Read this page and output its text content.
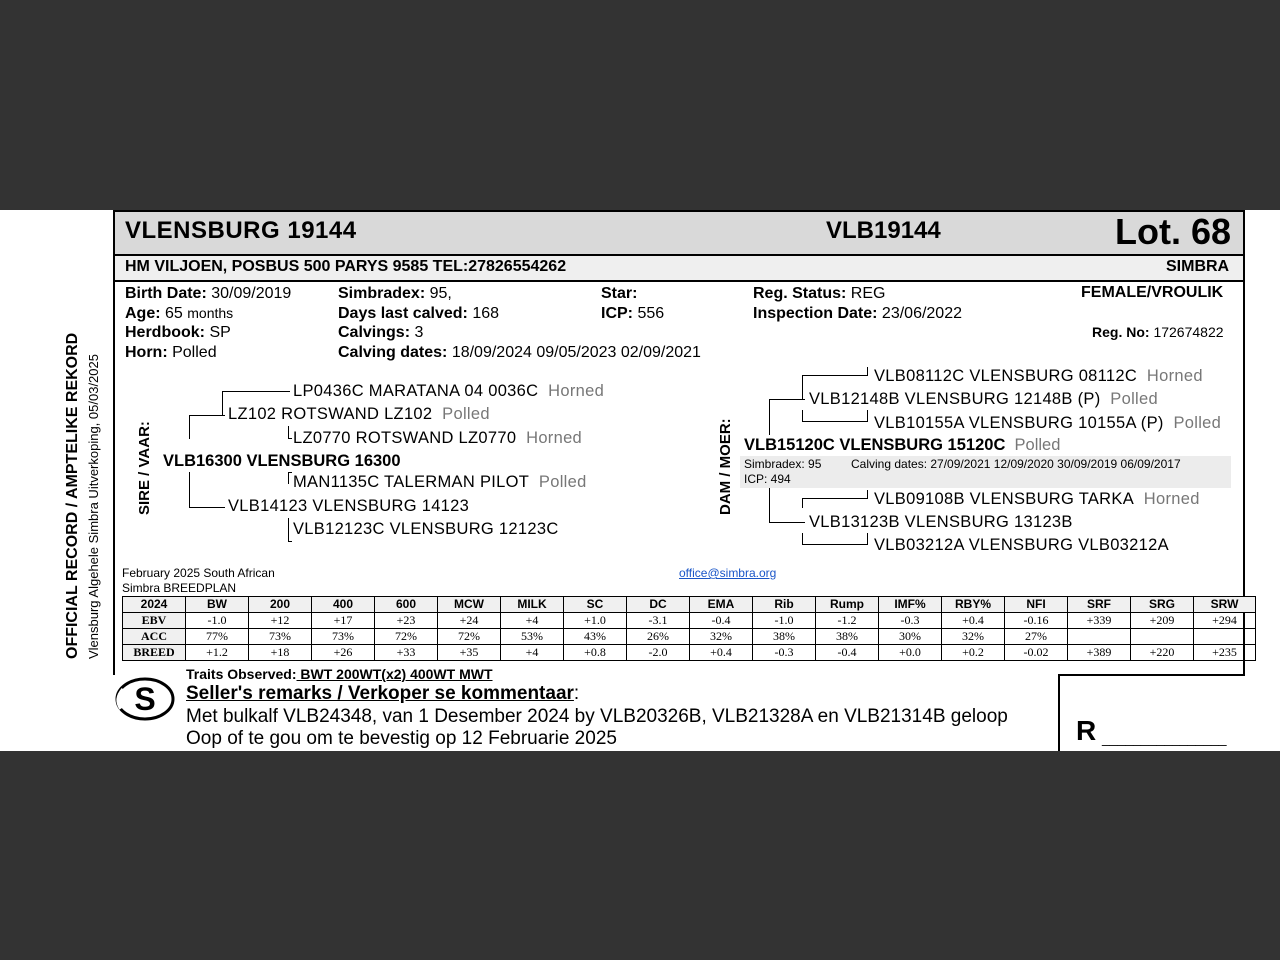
VLENSBURG 19144	VLB19144	Lot. 68
HM VILJOEN, POSBUS 500 PARYS 9585 TEL:27826554262	SIMBRA
Birth Date: 30/09/2019
Age: 65 months
Herdbook: SP
Horn: Polled
Simbradex: 95,
Days last calved: 168
Calvings: 3
Calving dates: 18/09/2024 09/05/2023 02/09/2021
Star:
ICP: 556
Reg. Status: REG
Inspection Date: 23/06/2022
FEMALE/VROULIK
Reg. No: 172674822
SIRE / VAAR:	DAM / MOER:
LP0436C MARATANA 04 0036C Horned
LZ102 ROTSWAND LZ102 Polled
LZ0770 ROTSWAND LZ0770 Horned
VLB16300 VLENSBURG 16300
MAN1135C TALERMAN PILOT Polled
VLB14123 VLENSBURG 14123
VLB12123C VLENSBURG 12123C
VLB08112C VLENSBURG 08112C Horned
VLB12148B VLENSBURG 12148B (P) Polled
VLB10155A VLENSBURG 10155A (P) Polled
VLB15120C VLENSBURG 15120C Polled
Simbradex: 95 Calving dates: 27/09/2021 12/09/2020 30/09/2019 06/09/2017
ICP: 494
VLB09108B VLENSBURG TARKA Horned
VLB13123B VLENSBURG 13123B
VLB03212A VLENSBURG VLB03212A
February 2025 South African
Simbra BREEDPLAN
office@simbra.org
2024	BW	200	400	600	MCW	MILK	SC	DC	EMA	Rib	Rump	IMF%	RBY%	NFI	SRF	SRG	SRW
EBV	-1.0	+12	+17	+23	+24	+4	+1.0	-3.1	-0.4	-1.0	-1.2	-0.3	+0.4	-0.16	+339	+209	+294
ACC	77%	73%	73%	72%	72%	53%	43%	26%	32%	38%	38%	30%	32%	27%			
BREED	+1.2	+18	+26	+33	+35	+4	+0.8	-2.0	+0.4	-0.3	-0.4	+0.0	+0.2	-0.02	+389	+220	+235
Traits Observed: BWT 200WT(x2) 400WT MWT
Seller's remarks / Verkoper se kommentaar:
Met bulkalf VLB24348, van 1 Desember 2024 by VLB20326B, VLB21328A en VLB21314B geloop
Oop of te gou om te bevestig op 12 Februarie 2025
S
R ________________
OFFICIAL RECORD / AMPTELIKE REKORD Vlensburg Algehele Simbra Uitverkoping, 05/03/2025
